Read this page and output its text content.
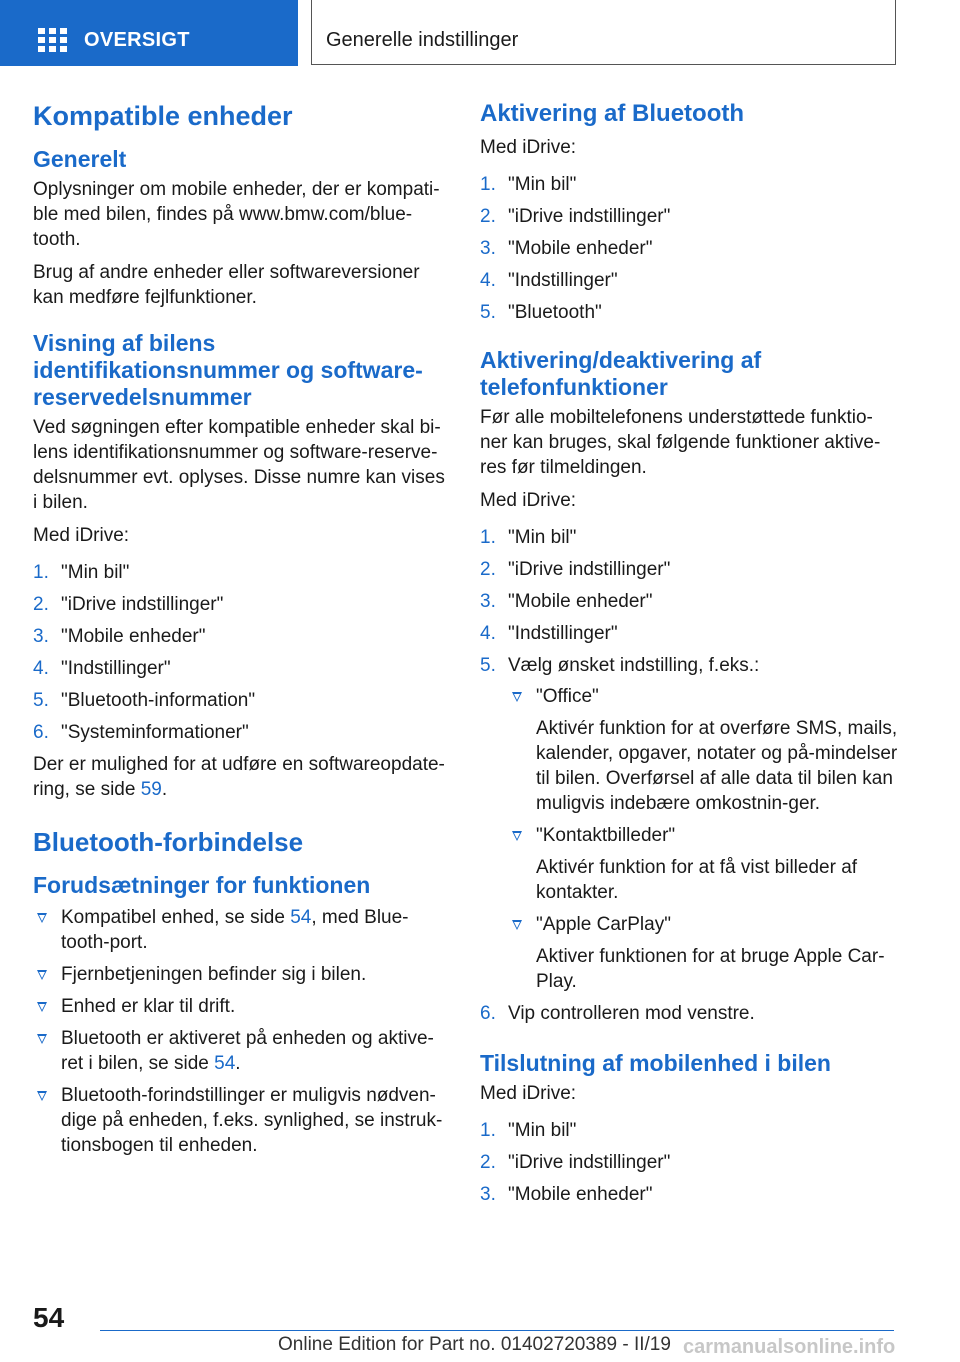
OVERSIGT	Generelle indstillinger
Kompatible enheder
Generelt
Oplysninger om mobile enheder, der er kompati-ble med bilen, findes på www.bmw.com/blue-tooth.
Brug af andre enheder eller softwareversioner kan medføre fejlfunktioner.
Visning af bilens identifikationsnummer og software-reservedelsnummer
Ved søgningen efter kompatible enheder skal bi-lens identifikationsnummer og software-reserve-delsnummer evt. oplyses. Disse numre kan vises i bilen.
Med iDrive:
1. "Min bil"
2. "iDrive indstillinger"
3. "Mobile enheder"
4. "Indstillinger"
5. "Bluetooth-information"
6. "Systeminformationer"
Der er mulighed for at udføre en softwareopdate-ring, se side 59.
Bluetooth-forbindelse
Forudsætninger for funktionen
Kompatibel enhed, se side 54, med Blue-tooth-port.
Fjernbetjeningen befinder sig i bilen.
Enhed er klar til drift.
Bluetooth er aktiveret på enheden og aktive-ret i bilen, se side 54.
Bluetooth-forindstillinger er muligvis nødven-dige på enheden, f.eks. synlighed, se instruk-tionsbogen til enheden.
Aktivering af Bluetooth
Med iDrive:
1. "Min bil"
2. "iDrive indstillinger"
3. "Mobile enheder"
4. "Indstillinger"
5. "Bluetooth"
Aktivering/deaktivering af telefonfunktioner
Før alle mobiltelefonens understøttede funktio-ner kan bruges, skal følgende funktioner aktive-res før tilmeldingen.
Med iDrive:
1. "Min bil"
2. "iDrive indstillinger"
3. "Mobile enheder"
4. "Indstillinger"
5. Vælg ønsket indstilling, f.eks.:
"Office"
Aktivér funktion for at overføre SMS, mails, kalender, opgaver, notater og på-mindelser til bilen. Overførsel af alle data til bilen kan muligvis indebære omkostnin-ger.
"Kontaktbilleder"
Aktivér funktion for at få vist billeder af kontakter.
"Apple CarPlay"
Aktiver funktionen for at bruge Apple Car-Play.
6. Vip controlleren mod venstre.
Tilslutning af mobilenhed i bilen
Med iDrive:
1. "Min bil"
2. "iDrive indstillinger"
3. "Mobile enheder"
54
Online Edition for Part no. 01402720389 - II/19 carmanualsonline.info
